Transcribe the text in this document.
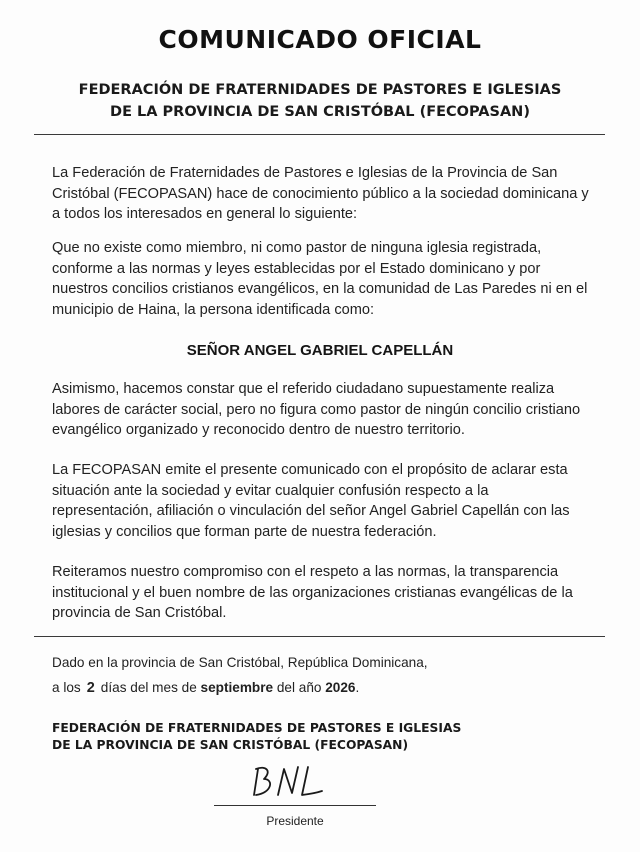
COMUNICADO OFICIAL
FEDERACIÓN DE FRATERNIDADES DE PASTORES E IGLESIAS
DE LA PROVINCIA DE SAN CRISTÓBAL (FECOPASAN)

La Federación de Fraternidades de Pastores e Iglesias de la Provincia de San Cristóbal (FECOPASAN) hace de conocimiento público a la sociedad dominicana y a todos los interesados en general lo siguiente:

Que no existe como miembro, ni como pastor de ninguna iglesia registrada, conforme a las normas y leyes establecidas por el Estado dominicano y por nuestros concilios cristianos evangélicos, en la comunidad de Las Paredes ni en el municipio de Haina, la persona identificada como:

SEÑOR ANGEL GABRIEL CAPELLÁN

Asimismo, hacemos constar que el referido ciudadano supuestamente realiza labores de carácter social, pero no figura como pastor de ningún concilio cristiano evangélico organizado y reconocido dentro de nuestro territorio.

La FECOPASAN emite el presente comunicado con el propósito de aclarar esta situación ante la sociedad y evitar cualquier confusión respecto a la representación, afiliación o vinculación del señor Angel Gabriel Capellán con las iglesias y concilios que forman parte de nuestra federación.

Reiteramos nuestro compromiso con el respeto a las normas, la transparencia institucional y el buen nombre de las organizaciones cristianas evangélicas de la provincia de San Cristóbal.

Dado en la provincia de San Cristóbal, República Dominicana,
a los 2 días del mes de septiembre del año 2026.
FEDERACIÓN DE FRATERNIDADES DE PASTORES E IGLESIAS
DE LA PROVINCIA DE SAN CRISTÓBAL (FECOPASAN)
Presidente
